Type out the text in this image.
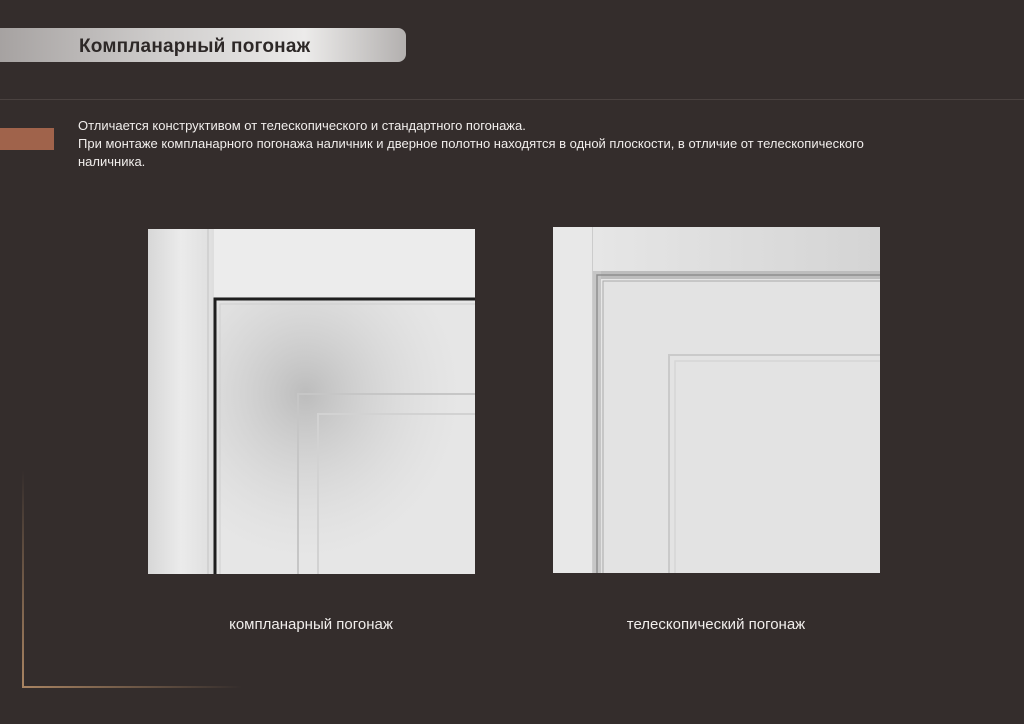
Компланарный погонаж

Отличается конструктивом от телескопического и стандартного погонажа.

При монтаже компланарного погонажа наличник и дверное полотно находятся в одной плоскости, в отличие от телескопического наличника.

компланарный погонаж	телескопический погонаж
